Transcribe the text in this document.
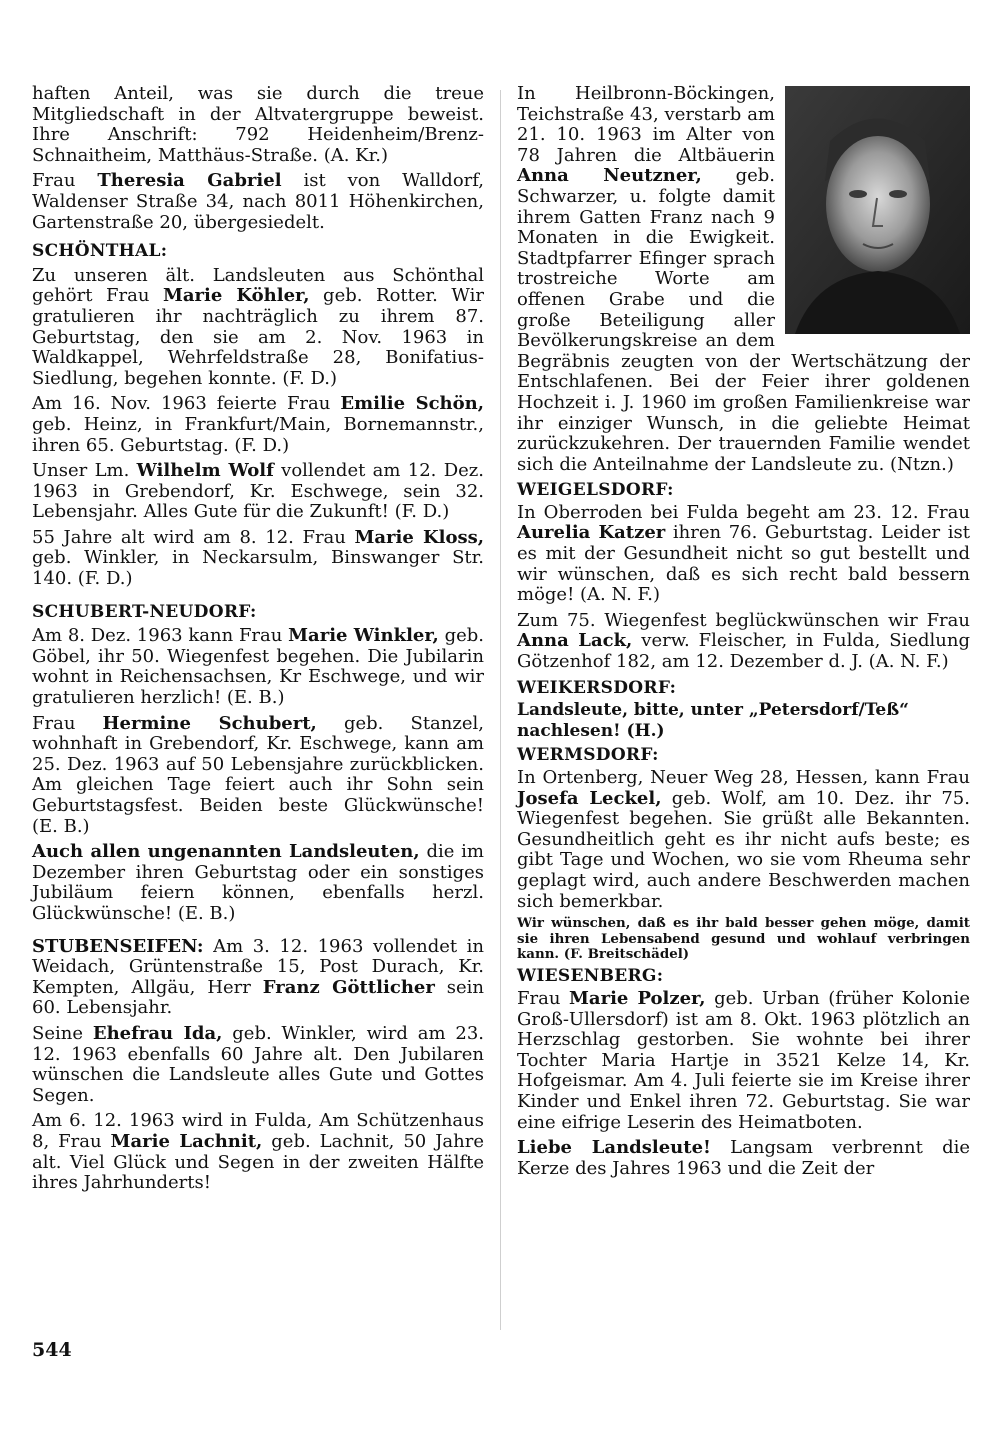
haften Anteil, was sie durch die treue Mitgliedschaft in der Altvatergruppe beweist. Ihre Anschrift: 792 Heidenheim/Brenz-Schnaitheim, Matthäus-Straße. (A. Kr.)

Frau Theresia Gabriel ist von Walldorf, Waldenser Straße 34, nach 8011 Höhenkirchen, Gartenstraße 20, übergesiedelt.

SCHÖNTHAL:

Zu unseren ält. Landsleuten aus Schönthal gehört Frau Marie Köhler, geb. Rotter. Wir gratulieren ihr nachträglich zu ihrem 87. Geburtstag, den sie am 2. Nov. 1963 in Waldkappel, Wehrfeldstraße 28, Bonifatius-Siedlung, begehen konnte. (F. D.)

Am 16. Nov. 1963 feierte Frau Emilie Schön, geb. Heinz, in Frankfurt/Main, Bornemannstr., ihren 65. Geburtstag. (F. D.)

Unser Lm. Wilhelm Wolf vollendet am 12. Dez. 1963 in Grebendorf, Kr. Eschwege, sein 32. Lebensjahr. Alles Gute für die Zukunft! (F. D.)

55 Jahre alt wird am 8. 12. Frau Marie Kloss, geb. Winkler, in Neckarsulm, Binswanger Str. 140. (F. D.)

SCHUBERT-NEUDORF:

Am 8. Dez. 1963 kann Frau Marie Winkler, geb. Göbel, ihr 50. Wiegenfest begehen. Die Jubilarin wohnt in Reichensachsen, Kr Eschwege, und wir gratulieren herzlich! (E. B.)

Frau Hermine Schubert, geb. Stanzel, wohnhaft in Grebendorf, Kr. Eschwege, kann am 25. Dez. 1963 auf 50 Lebensjahre zurückblicken. Am gleichen Tage feiert auch ihr Sohn sein Geburtstagsfest. Beiden beste Glückwünsche! (E. B.)

Auch allen ungenannten Landsleuten, die im Dezember ihren Geburtstag oder ein sonstiges Jubiläum feiern können, ebenfalls herzl. Glückwünsche! (E. B.)

STUBENSEIFEN: Am 3. 12. 1963 vollendet in Weidach, Grüntenstraße 15, Post Durach, Kr. Kempten, Allgäu, Herr Franz Göttlicher sein 60. Lebensjahr.

Seine Ehefrau Ida, geb. Winkler, wird am 23. 12. 1963 ebenfalls 60 Jahre alt. Den Jubilaren wünschen die Landsleute alles Gute und Gottes Segen.

Am 6. 12. 1963 wird in Fulda, Am Schützenhaus 8, Frau Marie Lachnit, geb. Lachnit, 50 Jahre alt. Viel Glück und Segen in der zweiten Hälfte ihres Jahrhunderts!

In Heilbronn-Böckingen, Teichstraße 43, verstarb am 21. 10. 1963 im Alter von 78 Jahren die Altbäuerin Anna Neutzner, geb. Schwarzer, u. folgte damit ihrem Gatten Franz nach 9 Monaten in die Ewigkeit. Stadtpfarrer Efinger sprach trostreiche Worte am offenen Grabe und die große Beteiligung aller Bevölkerungskreise an dem Begräbnis zeugten von der Wertschätzung der Entschlafenen. Bei der Feier ihrer goldenen Hochzeit i. J. 1960 im großen Familienkreise war ihr einziger Wunsch, in die geliebte Heimat zurückzukehren. Der trauernden Familie wendet sich die Anteilnahme der Landsleute zu. (Ntzn.)

WEIGELSDORF:

In Oberroden bei Fulda begeht am 23. 12. Frau Aurelia Katzer ihren 76. Geburtstag. Leider ist es mit der Gesundheit nicht so gut bestellt und wir wünschen, daß es sich recht bald bessern möge! (A. N. F.)

Zum 75. Wiegenfest beglückwünschen wir Frau Anna Lack, verw. Fleischer, in Fulda, Siedlung Götzenhof 182, am 12. Dezember d. J. (A. N. F.)

WEIKERSDORF:

Landsleute, bitte, unter „Petersdorf/Teß“ nachlesen! (H.)

WERMSDORF:

In Ortenberg, Neuer Weg 28, Hessen, kann Frau Josefa Leckel, geb. Wolf, am 10. Dez. ihr 75. Wiegenfest begehen. Sie grüßt alle Bekannten. Gesundheitlich geht es ihr nicht aufs beste; es gibt Tage und Wochen, wo sie vom Rheuma sehr geplagt wird, auch andere Beschwerden machen sich bemerkbar.

Wir wünschen, daß es ihr bald besser gehen möge, damit sie ihren Lebensabend gesund und wohlauf verbringen kann. (F. Breitschädel)

WIESENBERG:

Frau Marie Polzer, geb. Urban (früher Kolonie Groß-Ullersdorf) ist am 8. Okt. 1963 plötzlich an Herzschlag gestorben. Sie wohnte bei ihrer Tochter Maria Hartje in 3521 Kelze 14, Kr. Hofgeismar. Am 4. Juli feierte sie im Kreise ihrer Kinder und Enkel ihren 72. Geburtstag. Sie war eine eifrige Leserin des Heimatboten.

Liebe Landsleute! Langsam verbrennt die Kerze des Jahres 1963 und die Zeit der

544
